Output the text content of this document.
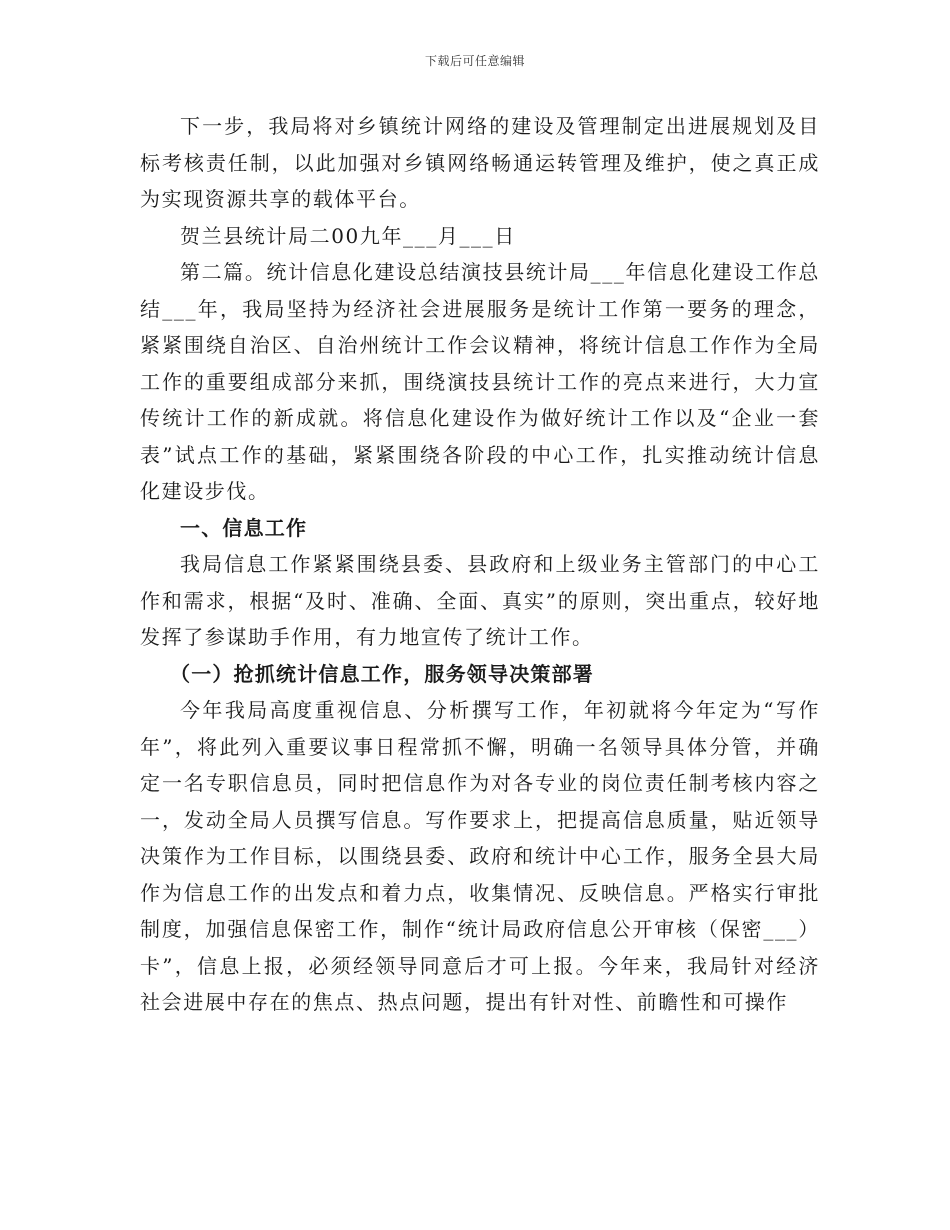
下载后可任意编辑

下一步，我局将对乡镇统计网络的建设及管理制定出进展规划及目标考核责任制，以此加强对乡镇网络畅通运转管理及维护，使之真正成为实现资源共享的载体平台。

贺兰县统计局二00九年___月___日

第二篇。统计信息化建设总结演技县统计局___年信息化建设工作总结___年，我局坚持为经济社会进展服务是统计工作第一要务的理念，紧紧围绕自治区、自治州统计工作会议精神，将统计信息工作作为全局工作的重要组成部分来抓，围绕演技县统计工作的亮点来进行，大力宣传统计工作的新成就。将信息化建设作为做好统计工作以及“企业一套表”试点工作的基础，紧紧围绕各阶段的中心工作，扎实推动统计信息化建设步伐。

一、信息工作

我局信息工作紧紧围绕县委、县政府和上级业务主管部门的中心工作和需求，根据“及时、准确、全面、真实”的原则，突出重点，较好地发挥了参谋助手作用，有力地宣传了统计工作。

（一）抢抓统计信息工作，服务领导决策部署

今年我局高度重视信息、分析撰写工作，年初就将今年定为“写作年”，将此列入重要议事日程常抓不懈，明确一名领导具体分管，并确定一名专职信息员，同时把信息作为对各专业的岗位责任制考核内容之一，发动全局人员撰写信息。写作要求上，把提高信息质量，贴近领导决策作为工作目标，以围绕县委、政府和统计中心工作，服务全县大局作为信息工作的出发点和着力点，收集情况、反映信息。严格实行审批制度，加强信息保密工作，制作“统计局政府信息公开审核（保密___）卡”，信息上报，必须经领导同意后才可上报。今年来，我局针对经济社会进展中存在的焦点、热点问题，提出有针对性、前瞻性和可操作
